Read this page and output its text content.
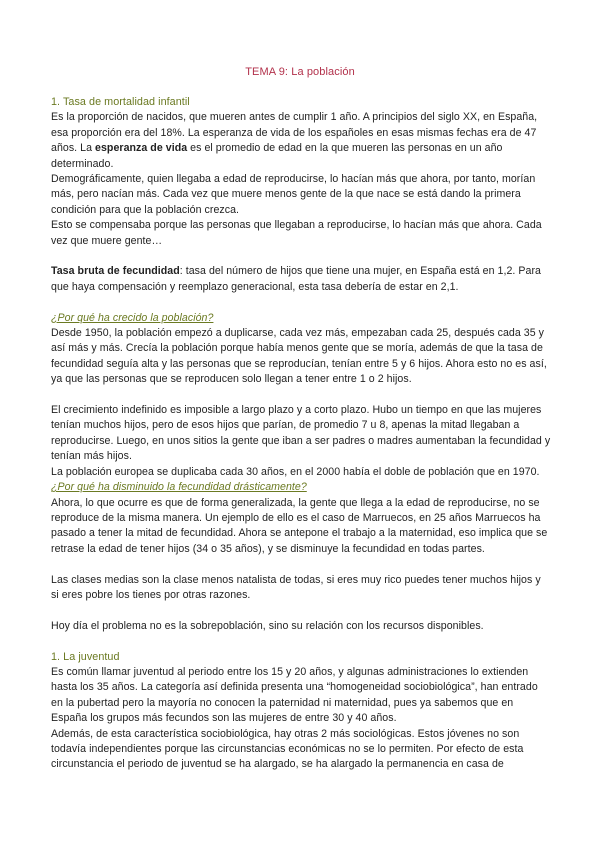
TEMA 9: La población

1. Tasa de mortalidad infantil

Es la proporción de nacidos, que mueren antes de cumplir 1 año. A principios del siglo XX, en España, esa proporción era del 18%. La esperanza de vida de los españoles en esas mismas fechas era de 47 años. La esperanza de vida es el promedio de edad en la que mueren las personas en un año determinado.

Demográficamente, quien llegaba a edad de reproducirse, lo hacían más que ahora, por tanto, morían más, pero nacían más. Cada vez que muere menos gente de la que nace se está dando la primera condición para que la población crezca.

Esto se compensaba porque las personas que llegaban a reproducirse, lo hacían más que ahora. Cada vez que muere gente…

Tasa bruta de fecundidad: tasa del número de hijos que tiene una mujer, en España está en 1,2. Para que haya compensación y reemplazo generacional, esta tasa debería de estar en 2,1.

¿Por qué ha crecido la población?

Desde 1950, la población empezó a duplicarse, cada vez más, empezaban cada 25, después cada 35 y así más y más. Crecía la población porque había menos gente que se moría, además de que la tasa de fecundidad seguía alta y las personas que se reproducían, tenían entre 5 y 6 hijos. Ahora esto no es así, ya que las personas que se reproducen solo llegan a tener entre 1 o 2 hijos.

El crecimiento indefinido es imposible a largo plazo y a corto plazo. Hubo un tiempo en que las mujeres tenían muchos hijos, pero de esos hijos que parían, de promedio 7 u 8, apenas la mitad llegaban a reproducirse. Luego, en unos sitios la gente que iban a ser padres o madres aumentaban la fecundidad y tenían más hijos.

La población europea se duplicaba cada 30 años, en el 2000 había el doble de población que en 1970.

¿Por qué ha disminuido la fecundidad drásticamente?

Ahora, lo que ocurre es que de forma generalizada, la gente que llega a la edad de reproducirse, no se reproduce de la misma manera. Un ejemplo de ello es el caso de Marruecos, en 25 años Marruecos ha pasado a tener la mitad de fecundidad. Ahora se antepone el trabajo a la maternidad, eso implica que se retrase la edad de tener hijos (34 o 35 años), y se disminuye la fecundidad en todas partes.

Las clases medias son la clase menos natalista de todas, si eres muy rico puedes tener muchos hijos y si eres pobre los tienes por otras razones.

Hoy día el problema no es la sobrepoblación, sino su relación con los recursos disponibles.

1. La juventud

Es común llamar juventud al periodo entre los 15 y 20 años, y algunas administraciones lo extienden hasta los 35 años. La categoría así definida presenta una “homogeneidad sociobiológica”, han entrado en la pubertad pero la mayoría no conocen la paternidad ni maternidad, pues ya sabemos que en España los grupos más fecundos son las mujeres de entre 30 y 40 años.

Además, de esta característica sociobiológica, hay otras 2 más sociológicas. Estos jóvenes no son todavía independientes porque las circunstancias económicas no se lo permiten. Por efecto de esta circunstancia el periodo de juventud se ha alargado, se ha alargado la permanencia en casa de
